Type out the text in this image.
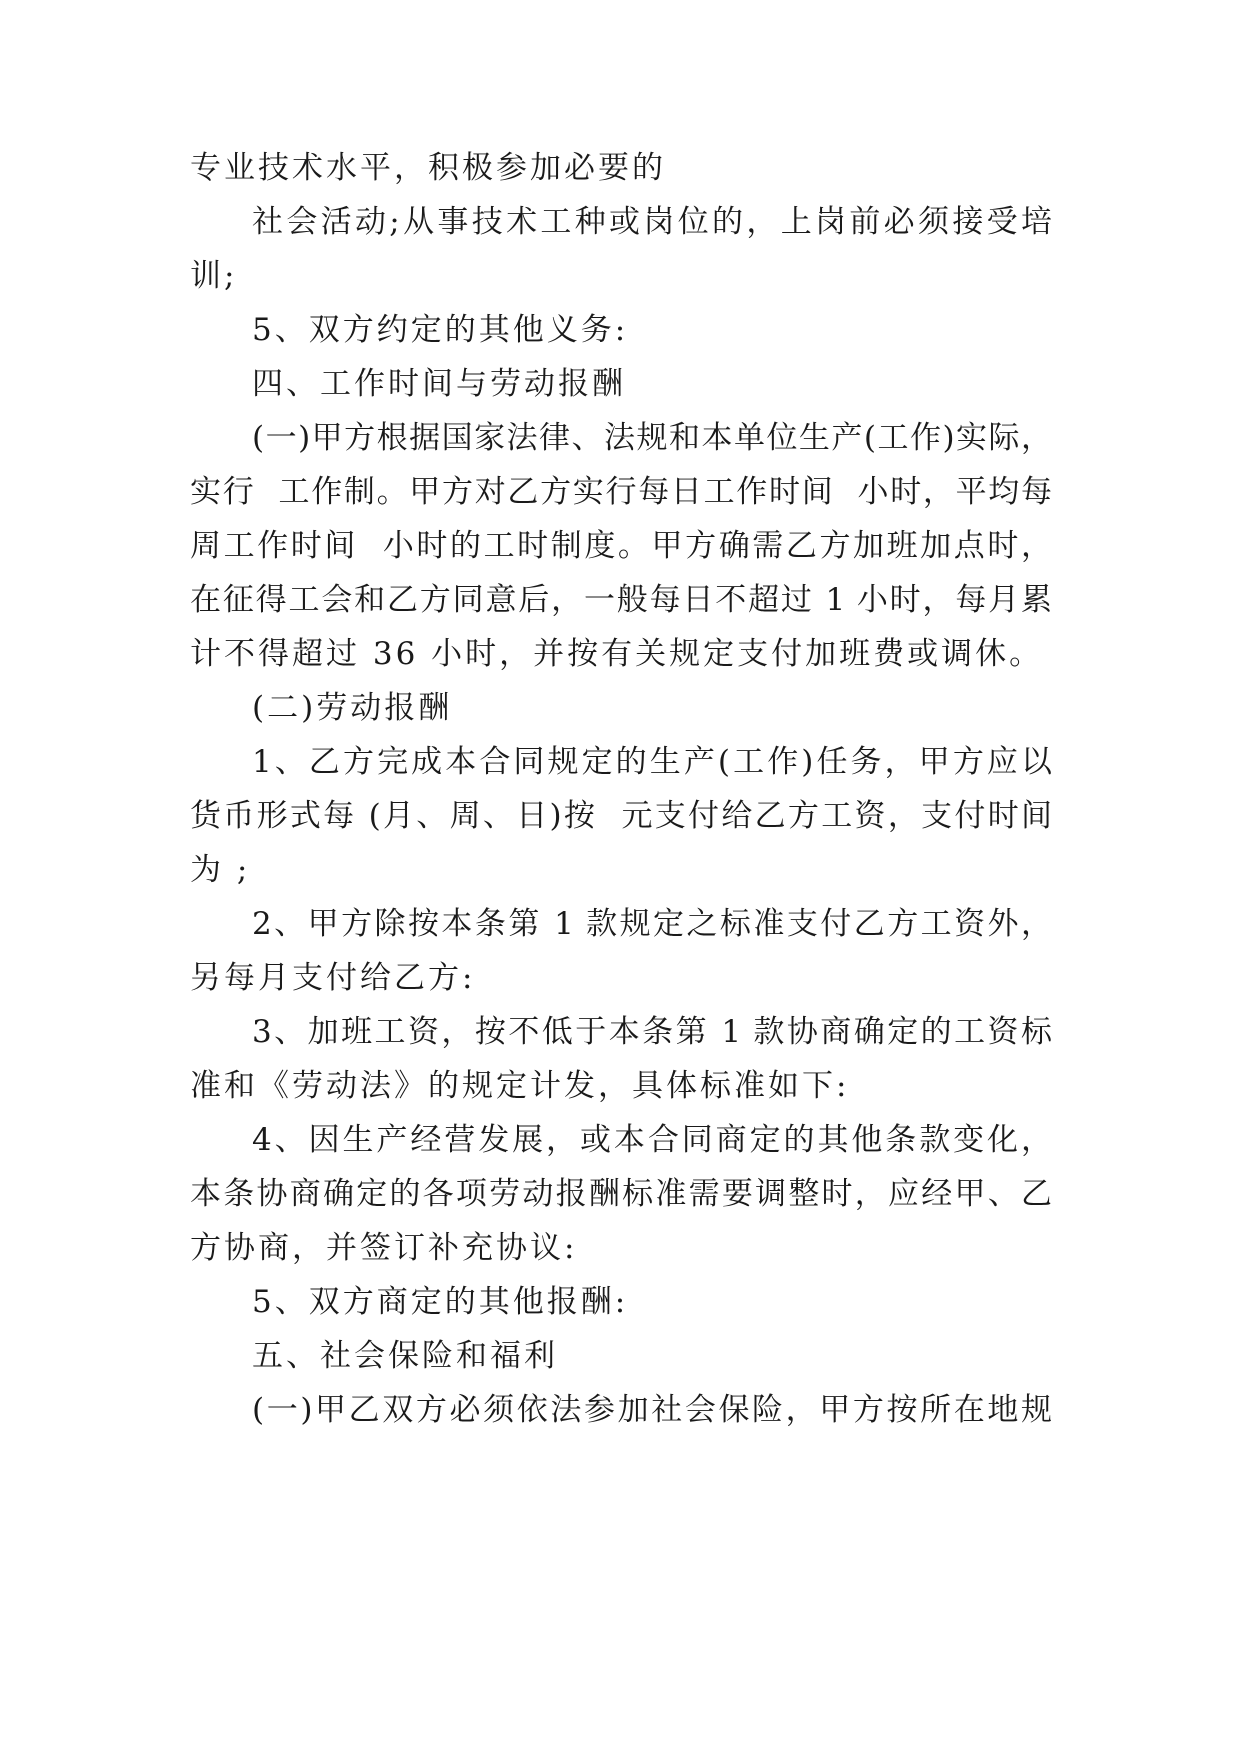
专业技术水平，积极参加必要的
社会活动;从事技术工种或岗位的，上岗前必须接受培
训;
5、双方约定的其他义务:
四、工作时间与劳动报酬
(一)甲方根据国家法律、法规和本单位生产(工作)实际，
实行  工作制。甲方对乙方实行每日工作时间  小时，平均每
周工作时间  小时的工时制度。甲方确需乙方加班加点时，
在征得工会和乙方同意后，一般每日不超过 1 小时，每月累
计不得超过 36 小时，并按有关规定支付加班费或调休。
(二)劳动报酬
1、乙方完成本合同规定的生产(工作)任务，甲方应以
货币形式每 (月、周、日)按  元支付给乙方工资，支付时间
为 ;
2、甲方除按本条第 1 款规定之标准支付乙方工资外，
另每月支付给乙方:
3、加班工资，按不低于本条第 1 款协商确定的工资标
准和《劳动法》的规定计发，具体标准如下:
4、因生产经营发展，或本合同商定的其他条款变化，
本条协商确定的各项劳动报酬标准需要调整时，应经甲、乙
方协商，并签订补充协议:
5、双方商定的其他报酬:
五、社会保险和福利
(一)甲乙双方必须依法参加社会保险，甲方按所在地规
